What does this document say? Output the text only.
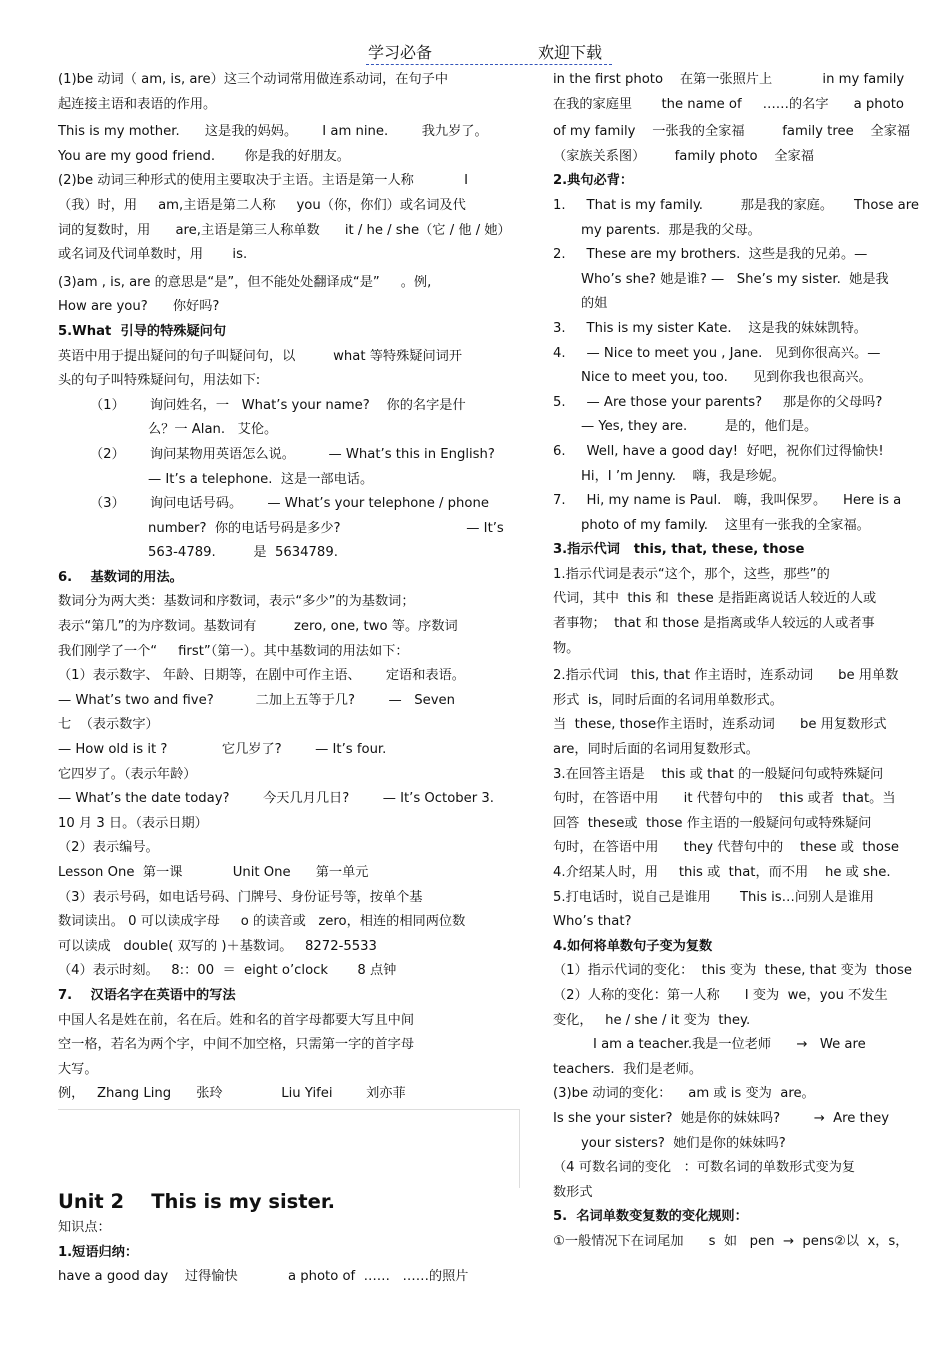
学习必备	欢迎下载

(1)be 动词（ am, is, are）这三个动词常用做连系动词，在句子中

起连接主语和表语的作用。

This is my mother.      这是我的妈妈。      I am nine.        我九岁了。

You are my good friend.       你是我的好朋友。

(2)be 动词三种形式的使用主要取决于主语。主语是第一人称            I

（我）时，用     am,主语是第二人称     you（你，你们）或名词及代

词的复数时，用      are,主语是第三人称单数      it / he / she（它 / 他 / 她）

或名词及代词单数时，用       is.

(3)am , is, are 的意思是“是”，但不能处处翻译成“是”     。例,

How are you?      你好吗?

5.What  引导的特殊疑问句

英语中用于提出疑问的句子叫疑问句，以         what 等特殊疑问词开

头的句子叫特殊疑问句，用法如下:

（1）      询问姓名，一   What’s your name?    你的名字是什

么？一 Alan.   艾伦。

（2）      询问某物用英语怎么说。        — What’s this in English?

— It’s a telephone.  这是一部电话。

（3）      询问电话号码。      — What’s your telephone / phone

number?  你的电话号码是多少?                              — It’s

563-4789.         是  5634789.

6.    基数词的用法。

数词分为两大类：基数词和序数词，表示“多少”的为基数词；

表示“第几”的为序数词。基数词有         zero, one, two 等。序数词

我们刚学了一个“     first”（第一）。其中基数词的用法如下：

（1）表示数字、 年龄、日期等，在剧中可作主语、      定语和表语。

— What’s two and five?          二加上五等于几?        —   Seven

七  （表示数字）

— How old is it ?             它几岁了?        — It’s four.

它四岁了。（表示年龄）

— What’s the date today?        今天几月几日?        — It’s October 3.

10 月 3 日。（表示日期）

（2）表示编号。

Lesson One  第一课            Unit One      第一单元

（3）表示号码，如电话号码、门牌号、身份证号等，按单个基

数词读出。 0 可以读成字母     o 的读音或   zero，相连的相同两位数

可以读成   double( 双写的 )＋基数词。   8272-5533

（4）表示时刻。   8:：00  ＝  eight o’clock       8 点钟

7.    汉语名字在英语中的写法

中国人名是姓在前，名在后。姓和名的首字母都要大写且中间

空一格，若名为两个字，中间不加空格，只需第一字的首字母

大写。

例，   Zhang Ling      张玲              Liu Yifei        刘亦菲

Unit 2    This is my sister.

知识点：

1.短语归纳：

have a good day    过得愉快            a photo of  ……   ……的照片

in the first photo    在第一张照片上            in my family

在我的家庭里       the name of     ……的名字      a photo

of my family    一张我的全家福         family tree    全家福

（家族关系图）       family photo    全家福

2.典句必背：

1.     That is my family.         那是我的家庭。     Those are

my parents.  那是我的父母。

2.     These are my brothers.  这些是我的兄弟。—

Who’s she? 她是谁? —   She’s my sister.  她是我

的姐

3.     This is my sister Kate.    这是我的妹妹凯特。

4.     — Nice to meet you , Jane.   见到你很高兴。—

Nice to meet you, too.      见到你我也很高兴。

5.     — Are those your parents?     那是你的父母吗?

— Yes, they are.         是的，他们是。

6.     Well, have a good day!  好吧，祝你们过得愉快!

Hi，I ’m Jenny.    嗨，我是珍妮。

7.     Hi, my name is Paul.   嗨，我叫保罗。    Here is a

photo of my family.    这里有一张我的全家福。

3.指示代词   this, that, these, those

1.指示代词是表示“这个，那个，这些，那些”的

代词，其中  this 和  these 是指距离说话人较近的人或

者事物；  that 和 those 是指离或华人较远的人或者事

物。

2.指示代词   this, that 作主语时，连系动词      be 用单数

形式  is，同时后面的名词用单数形式。

当  these, those作主语时，连系动词      be 用复数形式

are，同时后面的名词用复数形式。

3.在回答主语是    this 或 that 的一般疑问句或特殊疑问

句时，在答语中用      it 代替句中的    this 或者  that。当

回答  these或  those 作主语的一般疑问句或特殊疑问

句时，在答语中用      they 代替句中的    these 或  those

4.介绍某人时，用     this 或  that，而不用    he 或 she.

5.打电话时，说自己是谁用       This is…问别人是谁用

Who’s that?

4.如何将单数句子变为复数

（1）指示代词的变化：  this 变为  these, that 变为  those

（2）人称的变化：第一人称      I 变为  we，you 不发生

变化，   he / she / it 变为  they.

I am a teacher.我是一位老师      →   We are

teachers.  我们是老师。

(3)be 动词的变化：    am 或 is 变为  are。

Is she your sister?  她是你的妹妹吗?        →  Are they

your sisters?  她们是你的妹妹吗?

（4 可数名词的变化   ：可数名词的单数形式变为复

数形式

5.  名词单数变复数的变化规则：

①一般情况下在词尾加      s  如   pen  →  pens②以  x，s，
